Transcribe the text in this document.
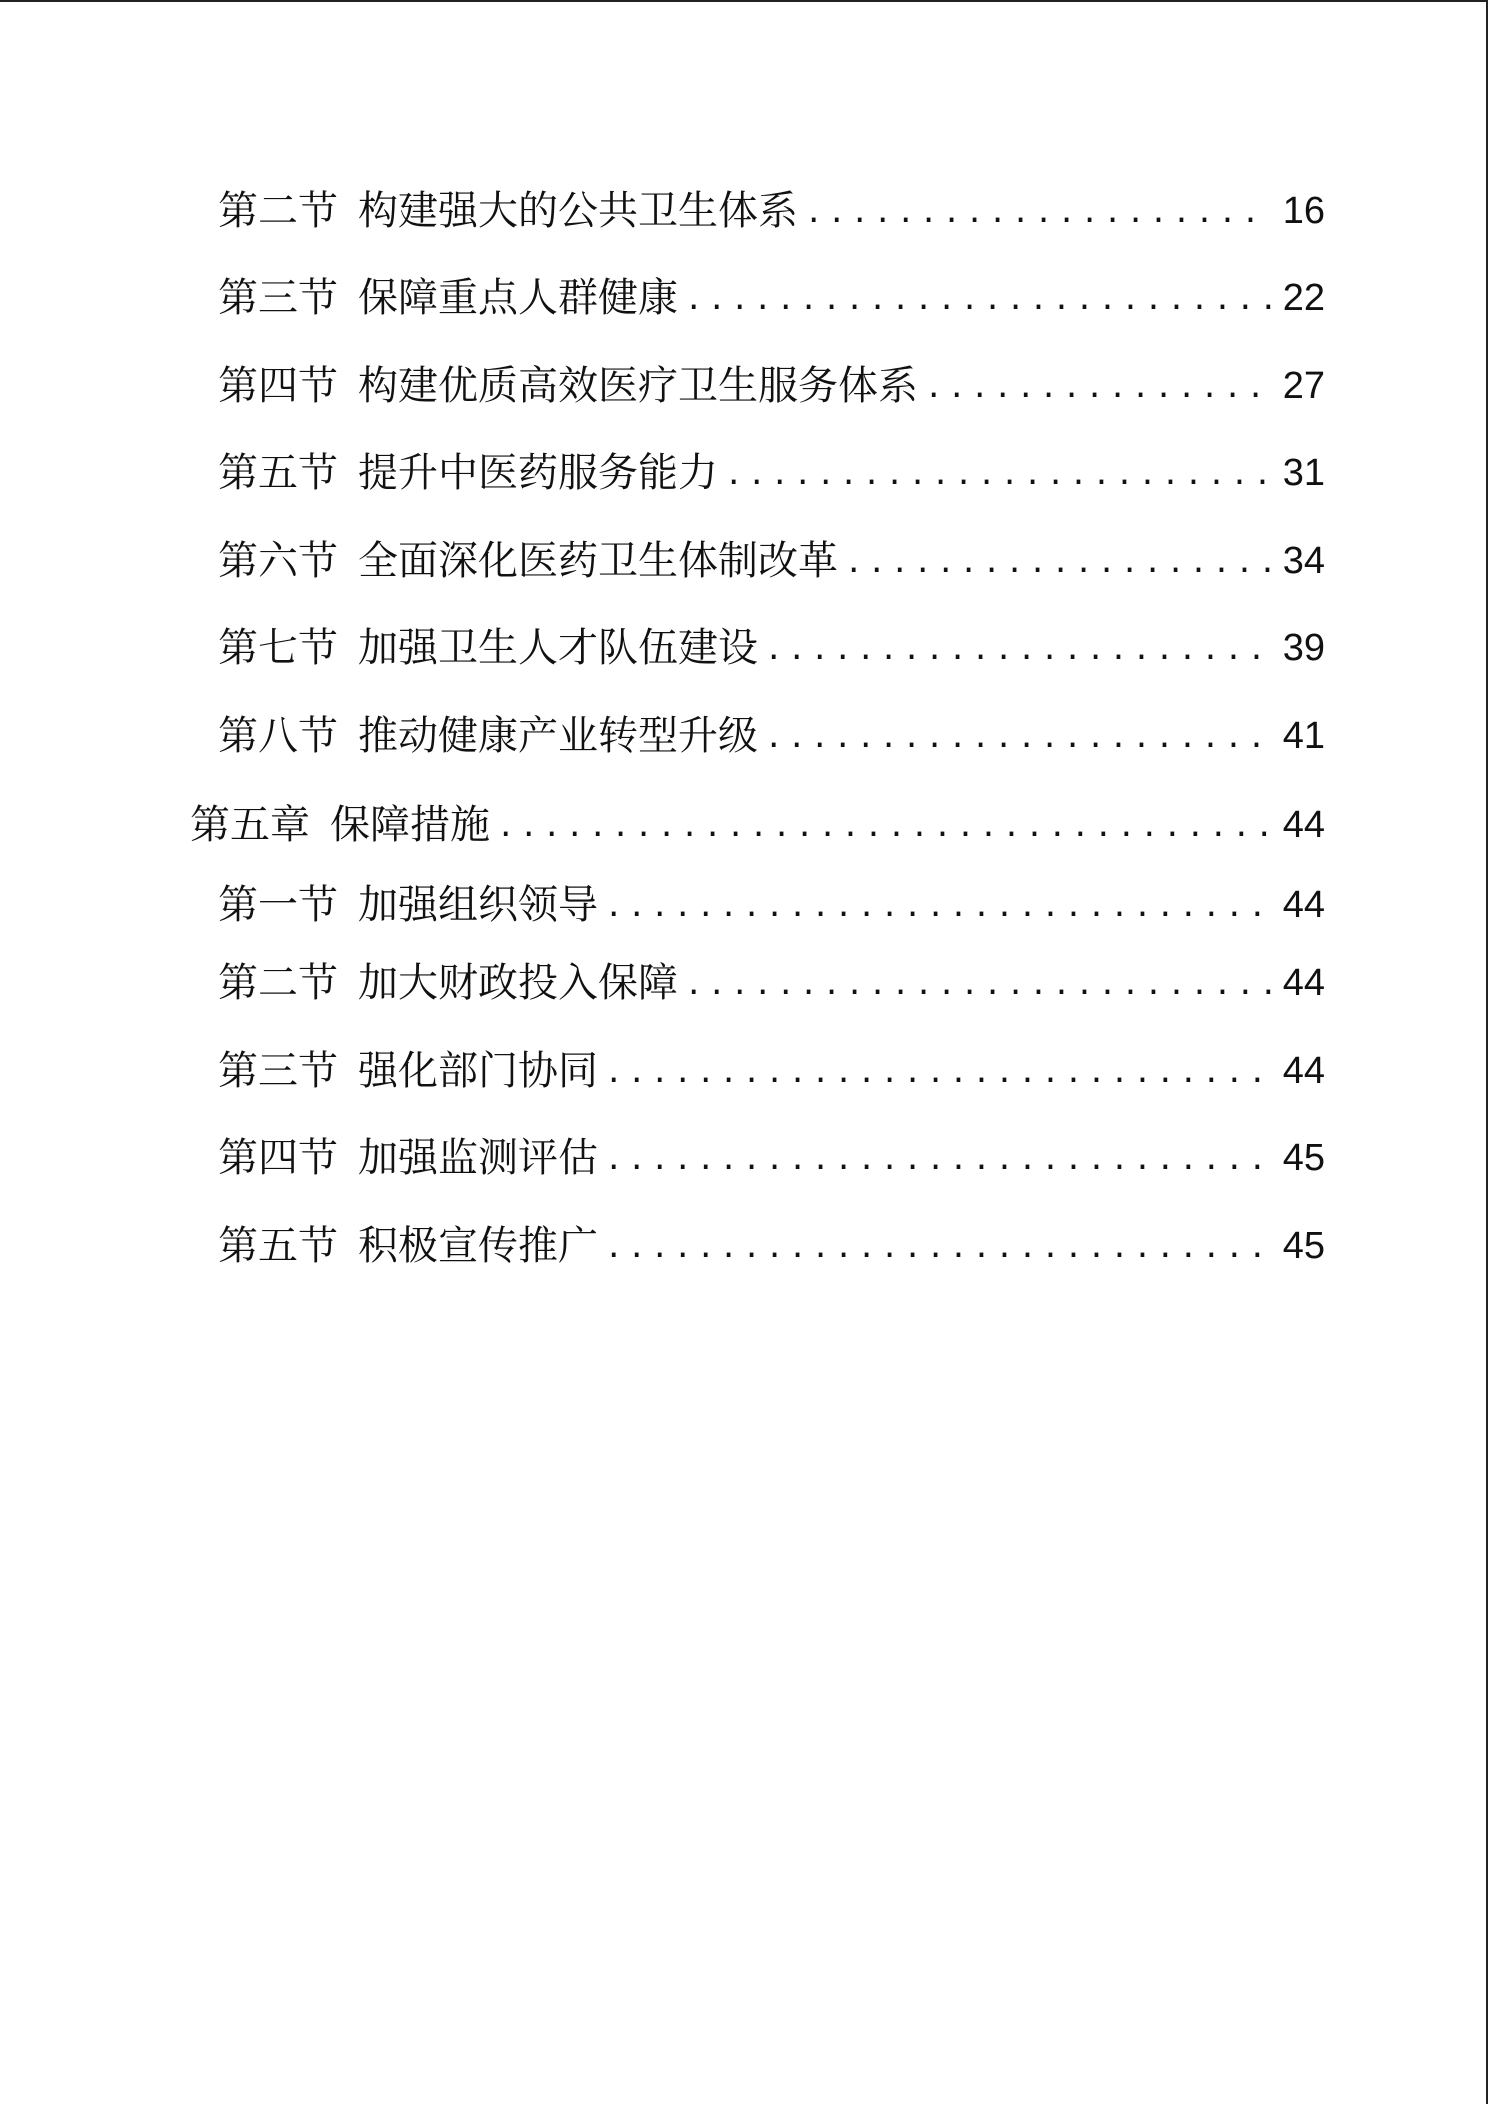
第二节 构建强大的公共卫生体系 . . .	16
第三节 保障重点人群健康 . . .	22
第四节 构建优质高效医疗卫生服务体系 . . .	27
第五节 提升中医药服务能力 . . .	31
第六节 全面深化医药卫生体制改革 . . .	34
第七节 加强卫生人才队伍建设 . . .	39
第八节 推动健康产业转型升级 . . .	41
第五章 保障措施 . . .	44
第一节 加强组织领导 . . .	44
第二节 加大财政投入保障 . . .	44
第三节 强化部门协同 . . .	44
第四节 加强监测评估 . . .	45
第五节 积极宣传推广 . . .	45
